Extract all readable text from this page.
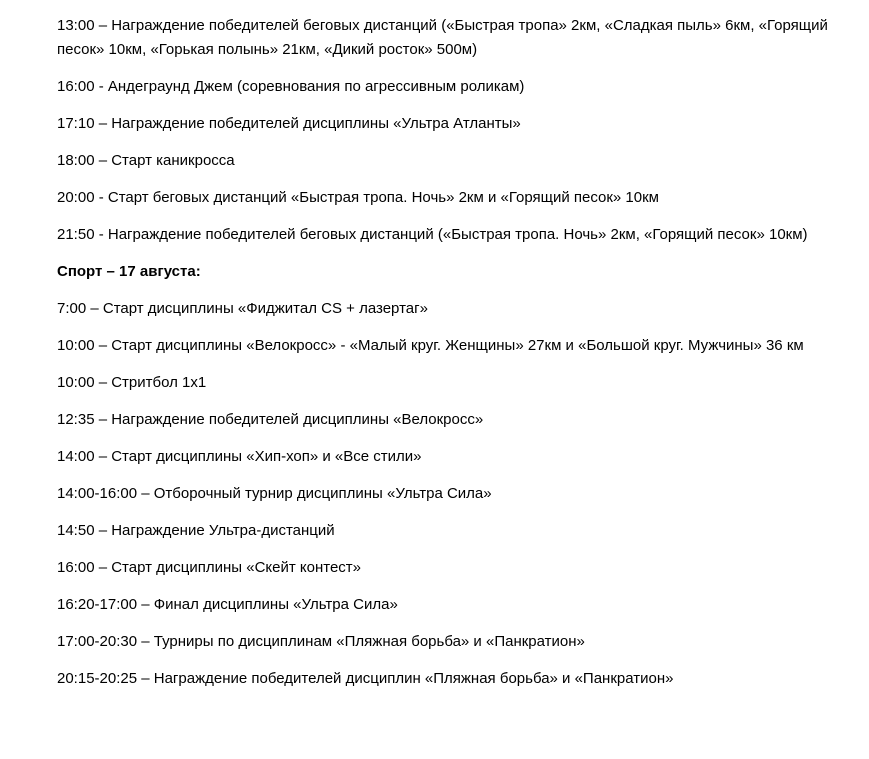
13:00 – Награждение победителей беговых дистанций («Быстрая тропа» 2км, «Сладкая пыль» 6км, «Горящий песок» 10км, «Горькая полынь» 21км, «Дикий росток» 500м)

16:00 - Андеграунд Джем (соревнования по агрессивным роликам)

17:10 – Награждение победителей дисциплины «Ультра Атланты»

18:00 – Старт каникросса

20:00 - Старт беговых дистанций «Быстрая тропа. Ночь» 2км и «Горящий песок» 10км

21:50 - Награждение победителей беговых дистанций («Быстрая тропа. Ночь» 2км, «Горящий песок» 10км)

Спорт – 17 августа:

7:00 – Старт дисциплины «Фиджитал CS + лазертаг»

10:00 – Старт дисциплины «Велокросс» - «Малый круг. Женщины» 27км и «Большой круг. Мужчины» 36 км

10:00 – Стритбол 1х1

12:35 – Награждение победителей дисциплины «Велокросс»

14:00 – Старт дисциплины «Хип-хоп» и «Все стили»

14:00-16:00 – Отборочный турнир дисциплины «Ультра Сила»

14:50 – Награждение Ультра-дистанций

16:00 – Старт дисциплины «Скейт контест»

16:20-17:00 – Финал дисциплины «Ультра Сила»

17:00-20:30 – Турниры по дисциплинам «Пляжная борьба» и «Панкратион»

20:15-20:25 – Награждение победителей дисциплин «Пляжная борьба» и «Панкратион»
